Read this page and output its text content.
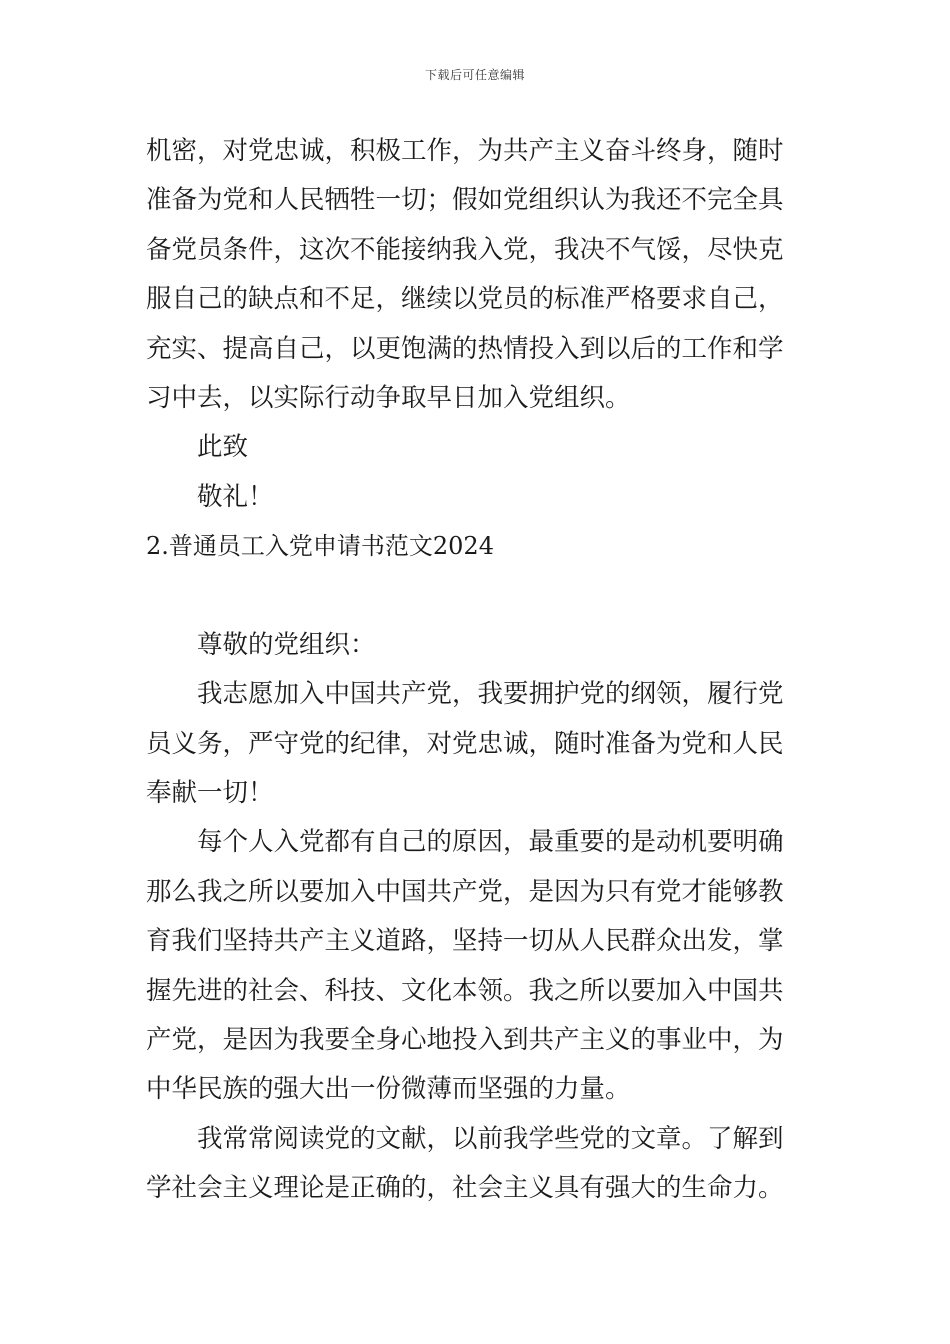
下载后可任意编辑
机密，对党忠诚，积极工作，为共产主义奋斗终身，随时
准备为党和人民牺牲一切；假如党组织认为我还不完全具
备党员条件，这次不能接纳我入党，我决不气馁，尽快克
服自己的缺点和不足，继续以党员的标准严格要求自己，
充实、提高自己，以更饱满的热情投入到以后的工作和学
习中去，以实际行动争取早日加入党组织。
此致
敬礼！
2.普通员工入党申请书范文2024
尊敬的党组织：
我志愿加入中国共产党，我要拥护党的纲领，履行党
员义务，严守党的纪律，对党忠诚，随时准备为党和人民
奉献一切！
每个人入党都有自己的原因，最重要的是动机要明确
那么我之所以要加入中国共产党，是因为只有党才能够教
育我们坚持共产主义道路，坚持一切从人民群众出发，掌
握先进的社会、科技、文化本领。我之所以要加入中国共
产党，是因为我要全身心地投入到共产主义的事业中，为
中华民族的强大出一份微薄而坚强的力量。
我常常阅读党的文献，以前我学些党的文章。了解到
学社会主义理论是正确的，社会主义具有强大的生命力。
